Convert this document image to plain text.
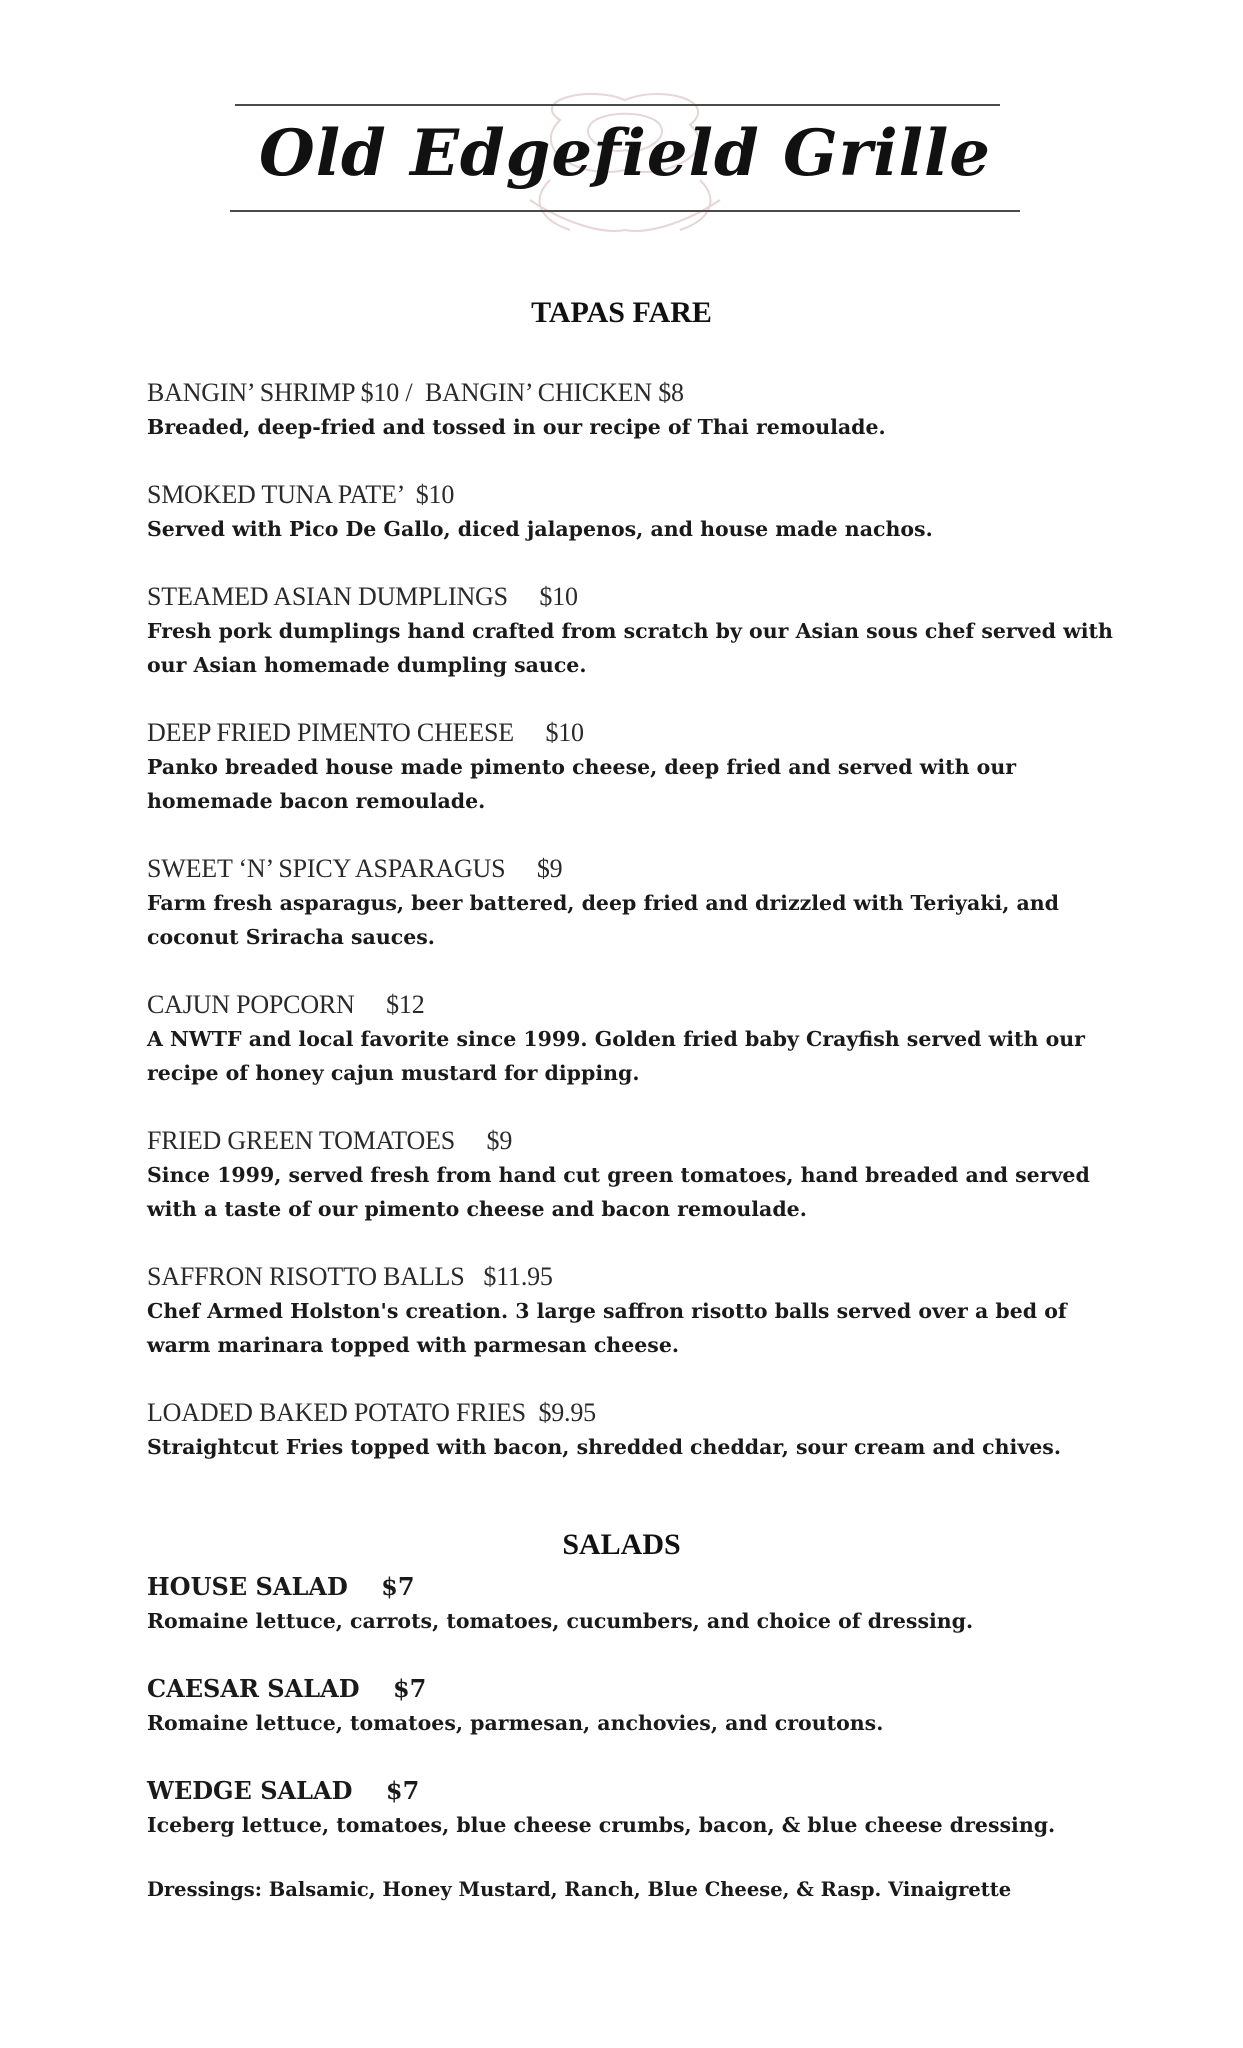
Old Edgefield Grille
TAPAS FARE
BANGIN’ SHRIMP $10 /  BANGIN’ CHICKEN $8
Breaded, deep-fried and tossed in our recipe of Thai remoulade.
SMOKED TUNA PATE’  $10
Served with Pico De Gallo, diced jalapenos, and house made nachos.
STEAMED ASIAN DUMPLINGS     $10
Fresh pork dumplings hand crafted from scratch by our Asian sous chef served with our Asian homemade dumpling sauce.
DEEP FRIED PIMENTO CHEESE     $10
Panko breaded house made pimento cheese, deep fried and served with our homemade bacon remoulade.
SWEET ‘N’ SPICY ASPARAGUS     $9
Farm fresh asparagus, beer battered, deep fried and drizzled with Teriyaki, and coconut Sriracha sauces.
CAJUN POPCORN     $12
A NWTF and local favorite since 1999. Golden fried baby Crayfish served with our recipe of honey cajun mustard for dipping.
FRIED GREEN TOMATOES     $9
Since 1999, served fresh from hand cut green tomatoes, hand breaded and served with a taste of our pimento cheese and bacon remoulade.
SAFFRON RISOTTO BALLS   $11.95
Chef Armed Holston's creation. 3 large saffron risotto balls served over a bed of warm marinara topped with parmesan cheese.
LOADED BAKED POTATO FRIES  $9.95
Straightcut Fries topped with bacon, shredded cheddar, sour cream and chives.
SALADS
HOUSE SALAD    $7
Romaine lettuce, carrots, tomatoes, cucumbers, and choice of dressing.
CAESAR SALAD    $7
Romaine lettuce, tomatoes, parmesan, anchovies, and croutons.
WEDGE SALAD    $7
Iceberg lettuce, tomatoes, blue cheese crumbs, bacon, & blue cheese dressing.
Dressings: Balsamic, Honey Mustard, Ranch, Blue Cheese, & Rasp. Vinaigrette
